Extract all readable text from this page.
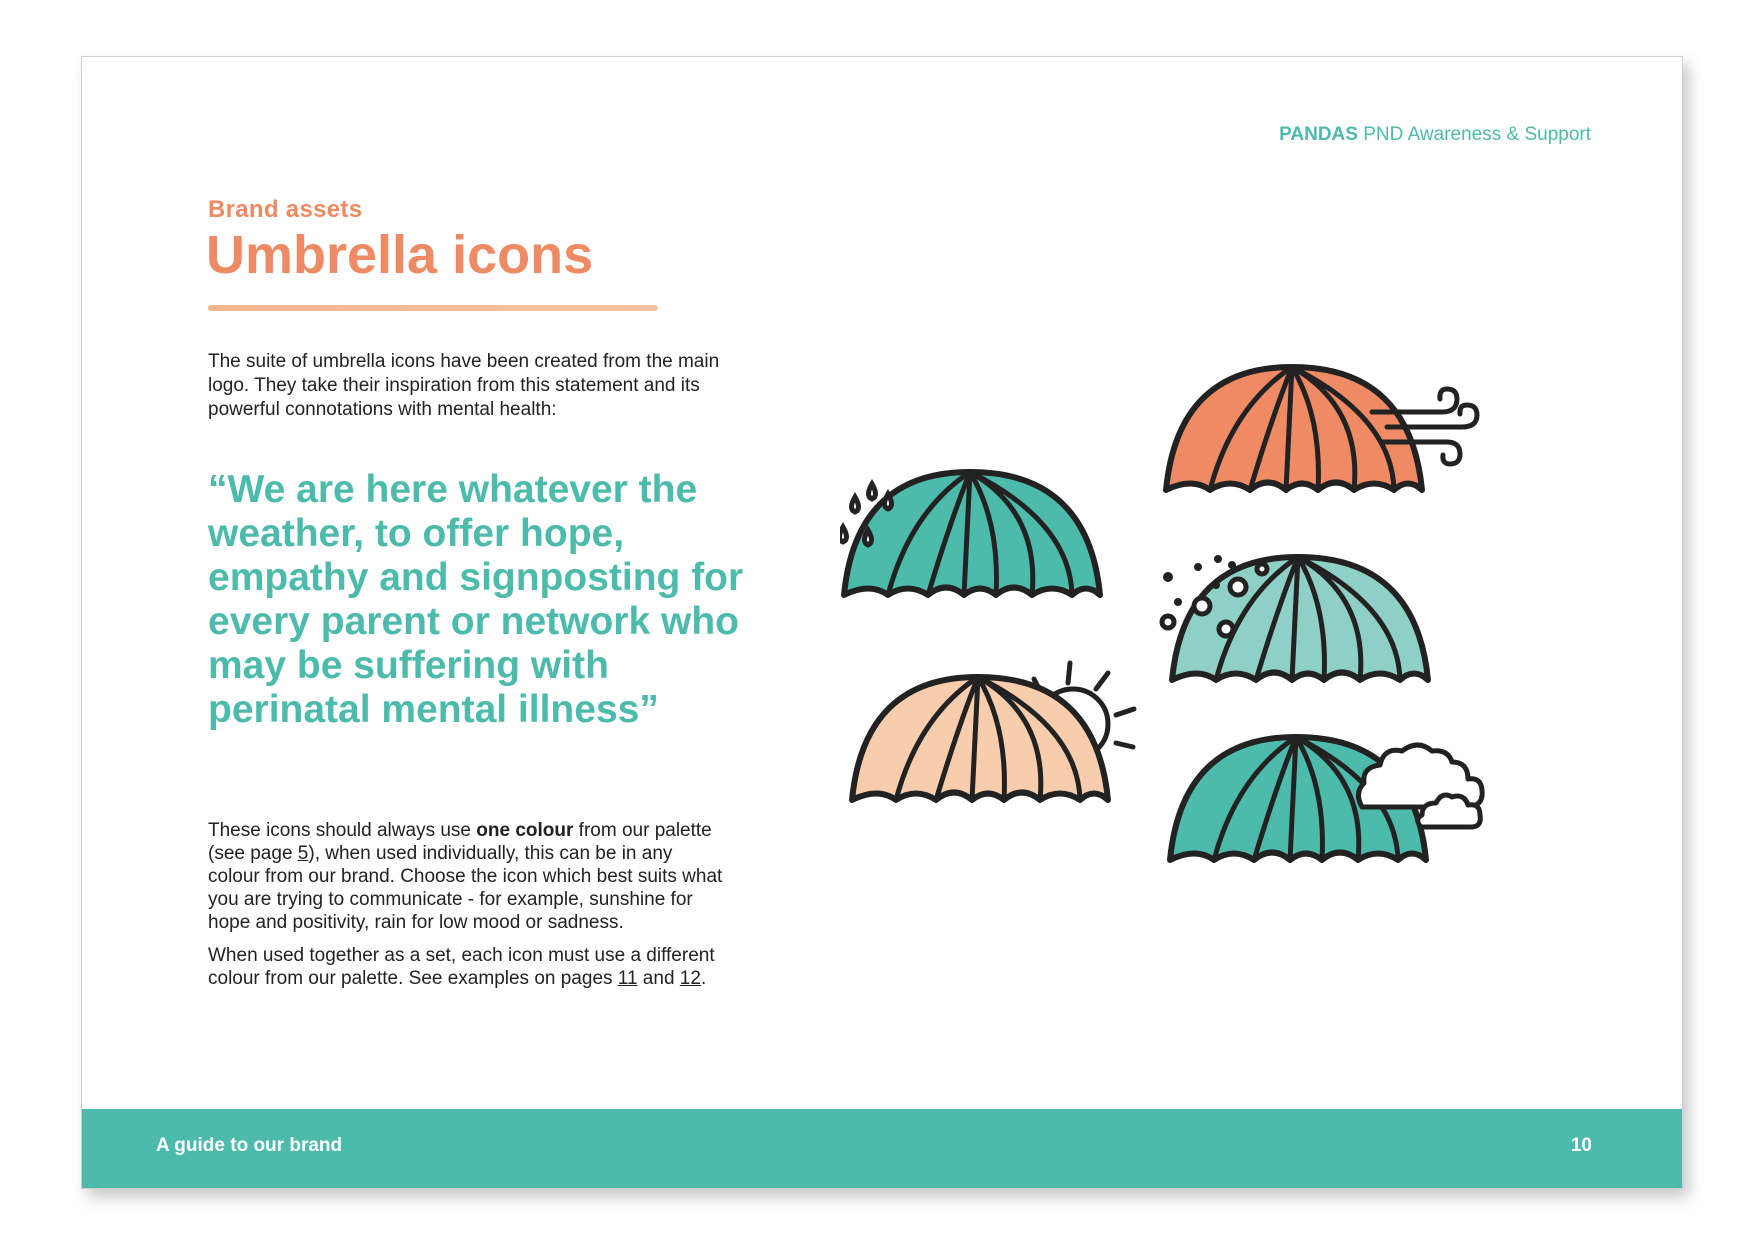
PANDAS PND Awareness & Support
Brand assets
Umbrella icons

The suite of umbrella icons have been created from the main logo. They take their inspiration from this statement and its powerful connotations with mental health:

“We are here whatever the weather, to offer hope, empathy and signposting for every parent or network who may be suffering with perinatal mental illness”

These icons should always use one colour from our palette (see page 5), when used individually, this can be in any colour from our brand. Choose the icon which best suits what you are trying to communicate - for example, sunshine for hope and positivity, rain for low mood or sadness.

When used together as a set, each icon must use a different colour from our palette. See examples on pages 11 and 12.

A guide to our brand	10
